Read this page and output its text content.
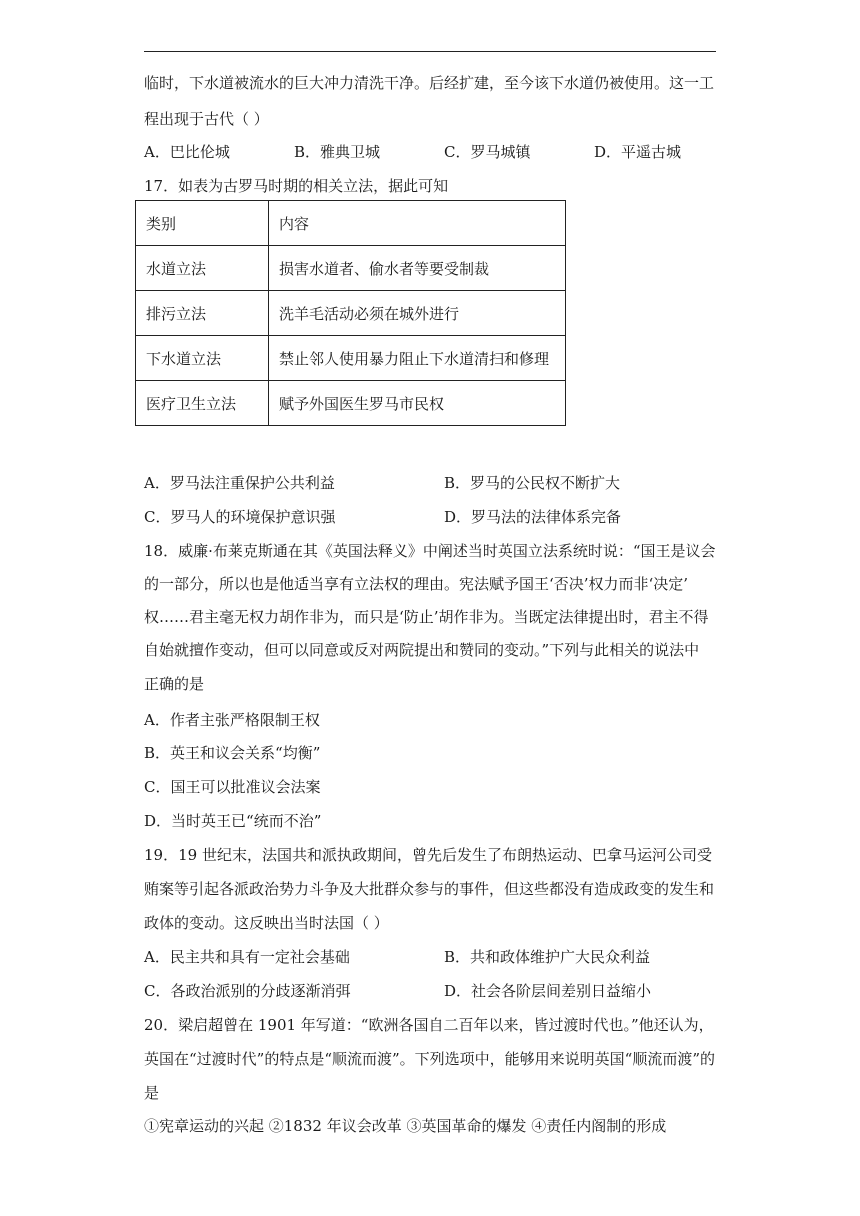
临时，下水道被流水的巨大冲力清洗干净。后经扩建，至今该下水道仍被使用。这一工
程出现于古代（ ）
A．巴比伦城	B．雅典卫城	C．罗马城镇	D．平遥古城
17．如表为古罗马时期的相关立法，据此可知
类别	内容
水道立法	损害水道者、偷水者等要受制裁
排污立法	洗羊毛活动必须在城外进行
下水道立法	禁止邻人使用暴力阻止下水道清扫和修理
医疗卫生立法	赋予外国医生罗马市民权
A．罗马法注重保护公共利益	B．罗马的公民权不断扩大
C．罗马人的环境保护意识强	D．罗马法的法律体系完备
18．威廉·布莱克斯通在其《英国法释义》中阐述当时英国立法系统时说：“国王是议会
的一部分，所以也是他适当享有立法权的理由。宪法赋予国王‘否决’权力而非‘决定’
权……君主毫无权力胡作非为，而只是‘防止’胡作非为。当既定法律提出时，君主不得
自始就擅作变动，但可以同意或反对两院提出和赞同的变动。”下列与此相关的说法中
正确的是
A．作者主张严格限制王权
B．英王和议会关系“均衡”
C．国王可以批准议会法案
D．当时英王已“统而不治”
19．19 世纪末，法国共和派执政期间，曾先后发生了布朗热运动、巴拿马运河公司受
贿案等引起各派政治势力斗争及大批群众参与的事件，但这些都没有造成政变的发生和
政体的变动。这反映出当时法国（ ）
A．民主共和具有一定社会基础	B．共和政体维护广大民众利益
C．各政治派别的分歧逐渐消弭	D．社会各阶层间差别日益缩小
20．梁启超曾在 1901 年写道：“欧洲各国自二百年以来，皆过渡时代也。”他还认为，
英国在“过渡时代”的特点是“顺流而渡”。下列选项中，能够用来说明英国“顺流而渡”的
是
①宪章运动的兴起 ②1832 年议会改革 ③英国革命的爆发 ④责任内阁制的形成
